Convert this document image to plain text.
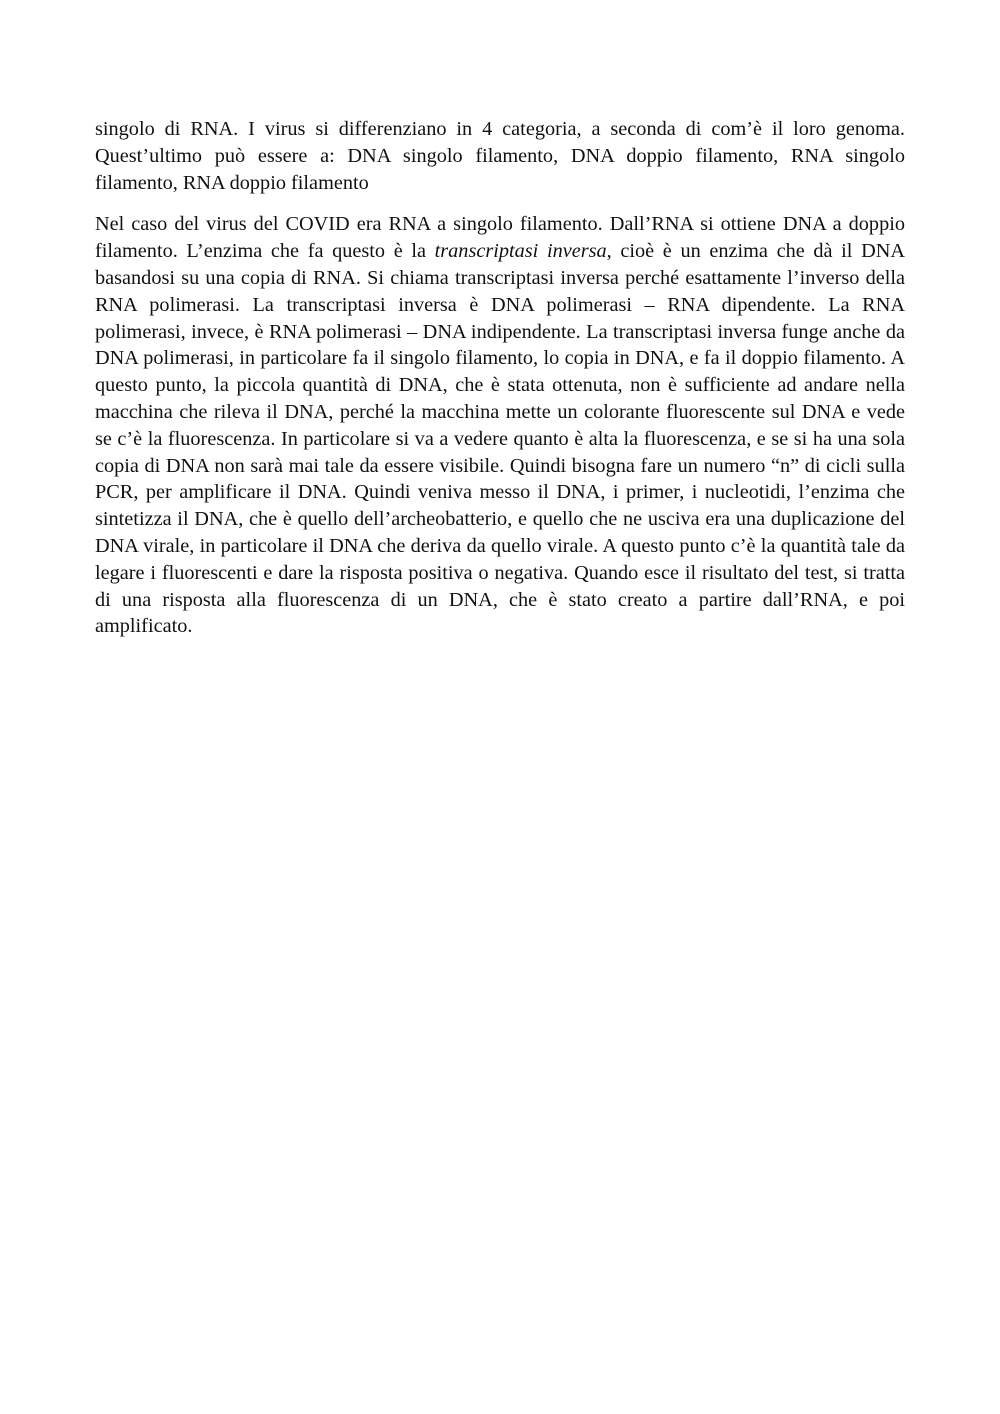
singolo di RNA. I virus si differenziano in 4 categoria, a seconda di com’è il loro genoma. Quest’ultimo può essere a: DNA singolo filamento, DNA doppio filamento, RNA singolo filamento, RNA doppio filamento

Nel caso del virus del COVID era RNA a singolo filamento. Dall’RNA si ottiene DNA a doppio filamento. L’enzima che fa questo è la transcriptasi inversa, cioè è un enzima che dà il DNA basandosi su una copia di RNA. Si chiama transcriptasi inversa perché esattamente l’inverso della RNA polimerasi. La transcriptasi inversa è DNA polimerasi – RNA dipendente. La RNA polimerasi, invece, è RNA polimerasi – DNA indipendente. La transcriptasi inversa funge anche da DNA polimerasi, in particolare fa il singolo filamento, lo copia in DNA, e fa il doppio filamento. A questo punto, la piccola quantità di DNA, che è stata ottenuta, non è sufficiente ad andare nella macchina che rileva il DNA, perché la macchina mette un colorante fluorescente sul DNA e vede se c’è la fluorescenza. In particolare si va a vedere quanto è alta la fluorescenza, e se si ha una sola copia di DNA non sarà mai tale da essere visibile. Quindi bisogna fare un numero “n” di cicli sulla PCR, per amplificare il DNA. Quindi veniva messo il DNA, i primer, i nucleotidi, l’enzima che sintetizza il DNA, che è quello dell’archeobatterio, e quello che ne usciva era una duplicazione del DNA virale, in particolare il DNA che deriva da quello virale. A questo punto c’è la quantità tale da legare i fluorescenti e dare la risposta positiva o negativa. Quando esce il risultato del test, si tratta di una risposta alla fluorescenza di un DNA, che è stato creato a partire dall’RNA, e poi amplificato.
